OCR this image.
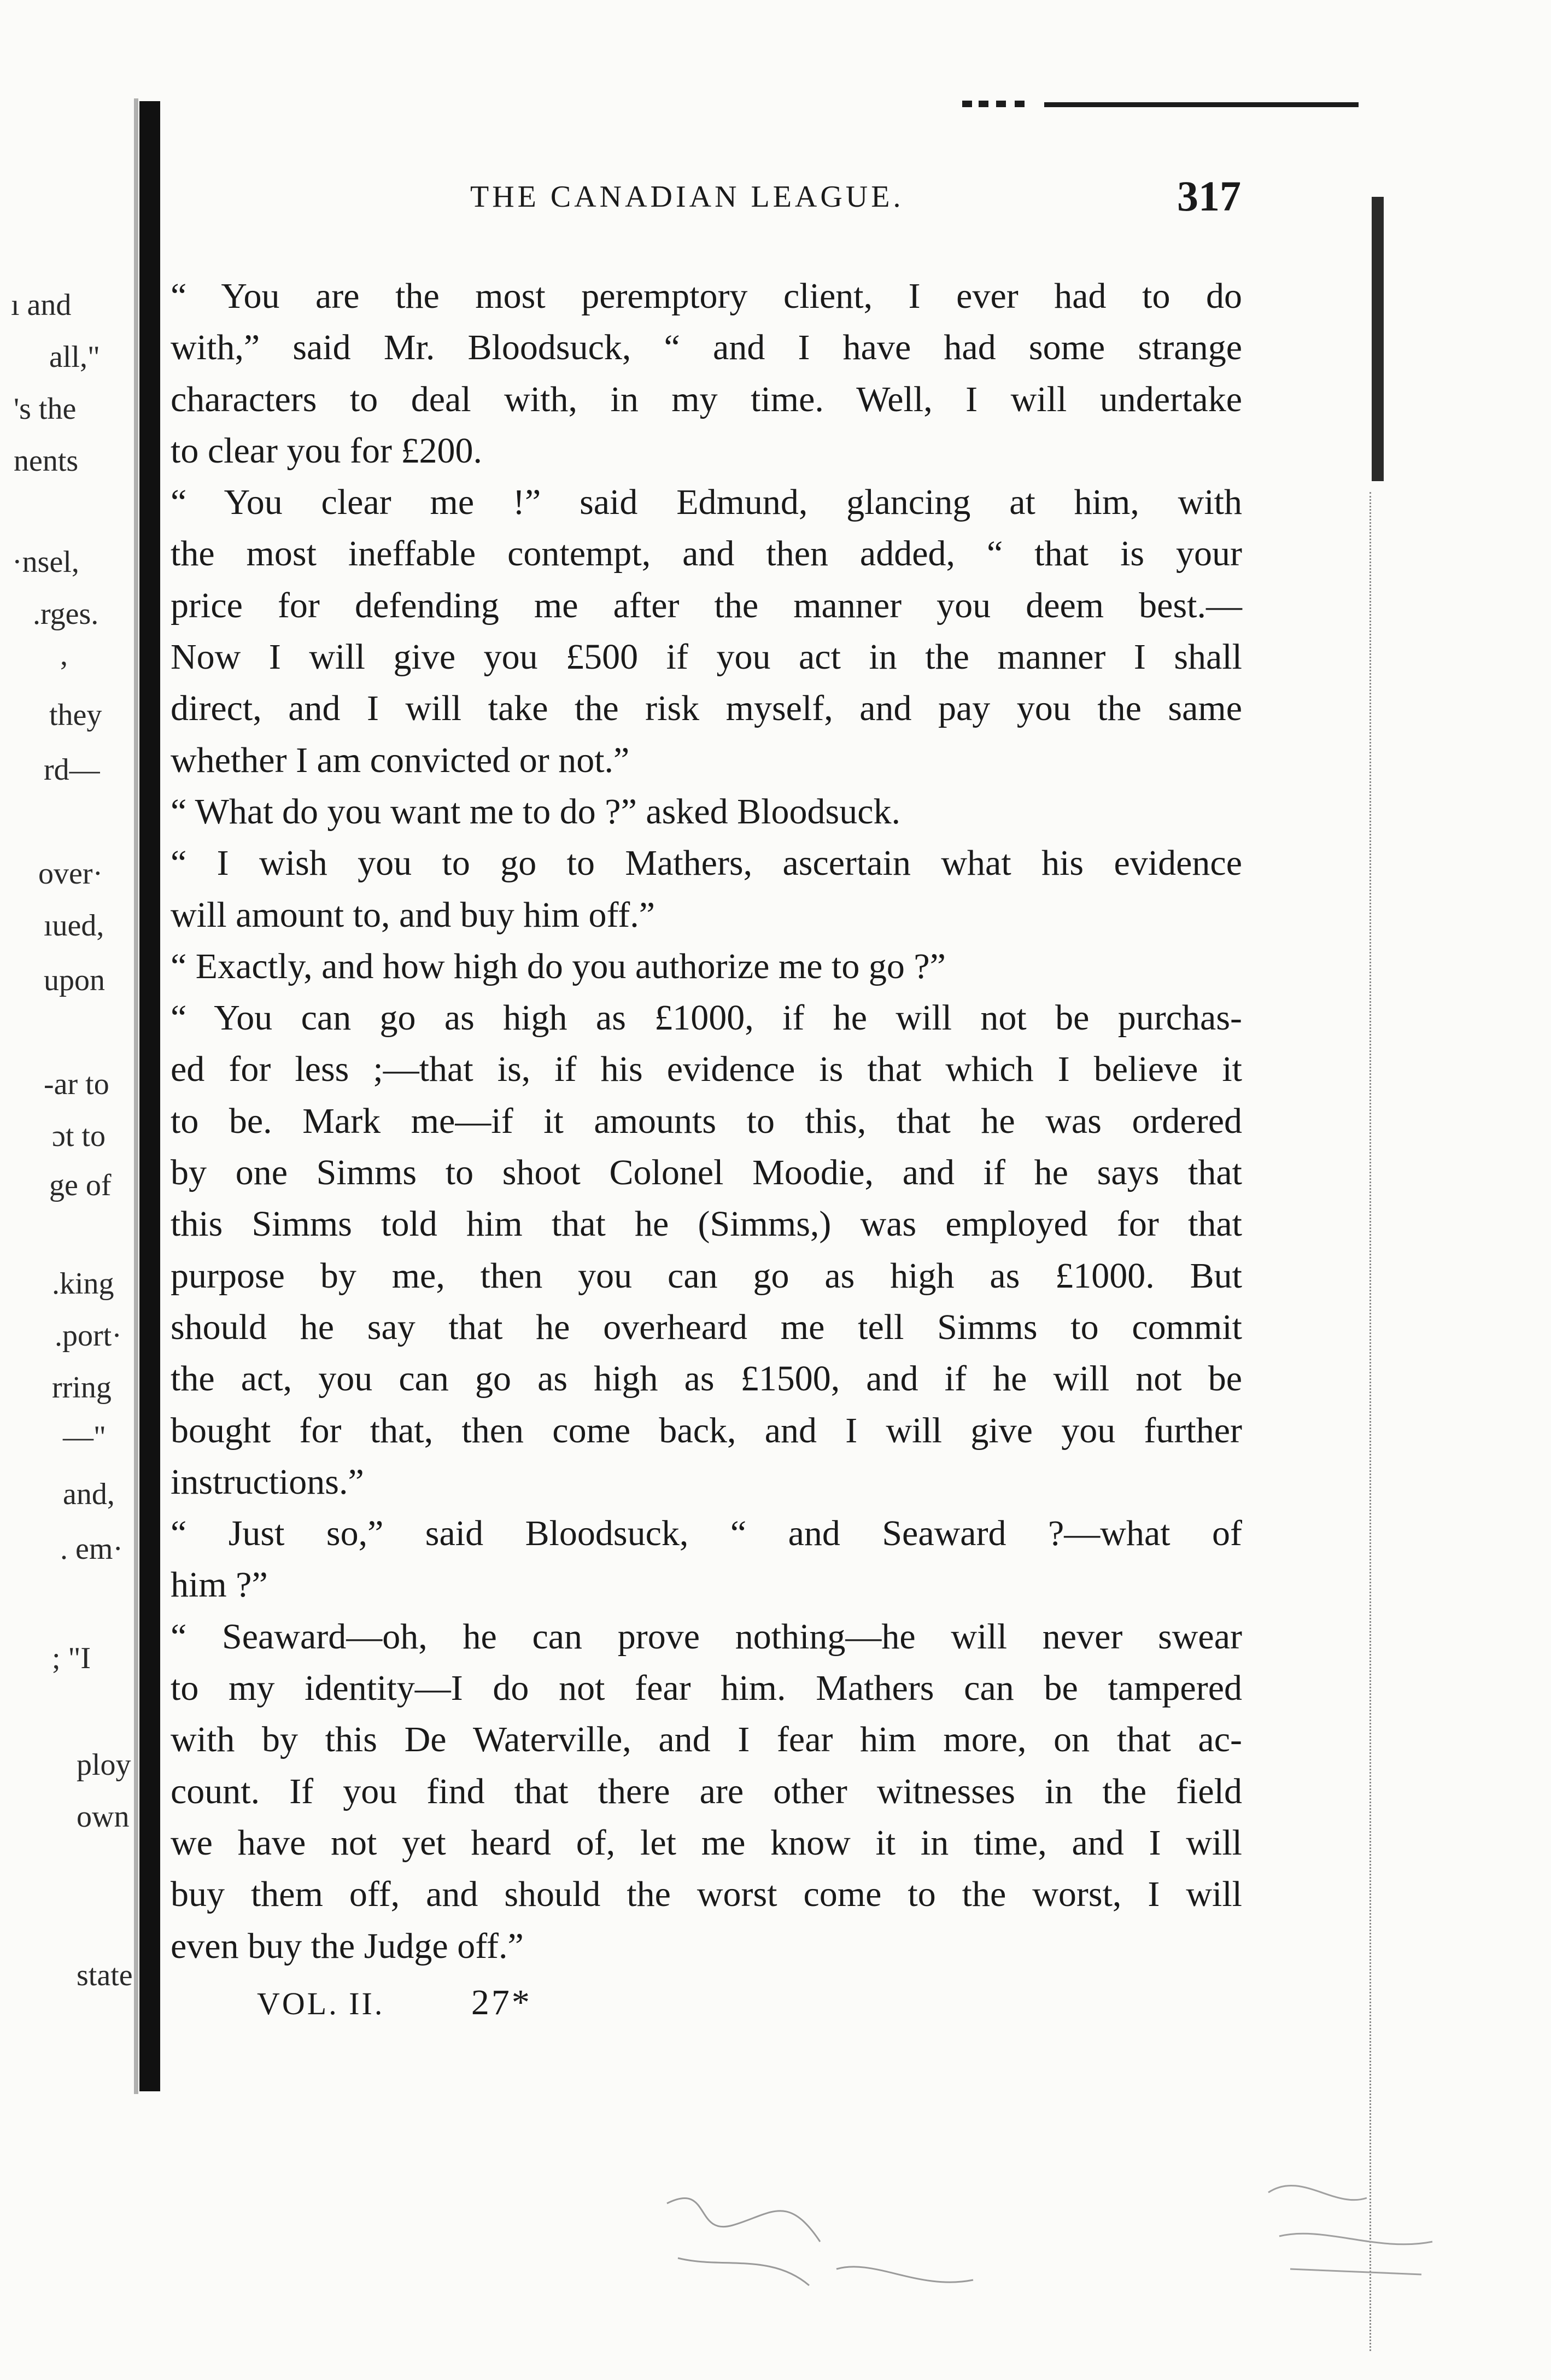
ı and
all,"
's the
nents
·nsel,
.rges.
,
they
rd—
over·
ıued,
upon
-ar to
ɔt to
ge of
.king
.port·
rring
—"
and,
. em·
; "I
ploy
own
state
THE CANADIAN LEAGUE.	317
“ You are the most peremptory client, I ever had to do
with,” said Mr. Bloodsuck, “ and I have had some strange
characters to deal with, in my time. Well, I will undertake
to clear you for £200.
“ You clear me !” said Edmund, glancing at him, with
the most ineffable contempt, and then added, “ that is your
price for defending me after the manner you deem best.—
Now I will give you £500 if you act in the manner I shall
direct, and I will take the risk myself, and pay you the same
whether I am convicted or not.”
“ What do you want me to do ?” asked Bloodsuck.
“ I wish you to go to Mathers, ascertain what his evidence
will amount to, and buy him off.”
“ Exactly, and how high do you authorize me to go ?”
“ You can go as high as £1000, if he will not be purchas-
ed for less ;—that is, if his evidence is that which I believe it
to be. Mark me—if it amounts to this, that he was ordered
by one Simms to shoot Colonel Moodie, and if he says that
this Simms told him that he (Simms,) was employed for that
purpose by me, then you can go as high as £1000. But
should he say that he overheard me tell Simms to commit
the act, you can go as high as £1500, and if he will not be
bought for that, then come back, and I will give you further
instructions.”
“ Just so,” said Bloodsuck, “ and Seaward ?—what of
him ?”
“ Seaward—oh, he can prove nothing—he will never swear
to my identity—I do not fear him. Mathers can be tampered
with by this De Waterville, and I fear him more, on that ac-
count. If you find that there are other witnesses in the field
we have not yet heard of, let me know it in time, and I will
buy them off, and should the worst come to the worst, I will
even buy the Judge off.”
VOL. II. 27*
